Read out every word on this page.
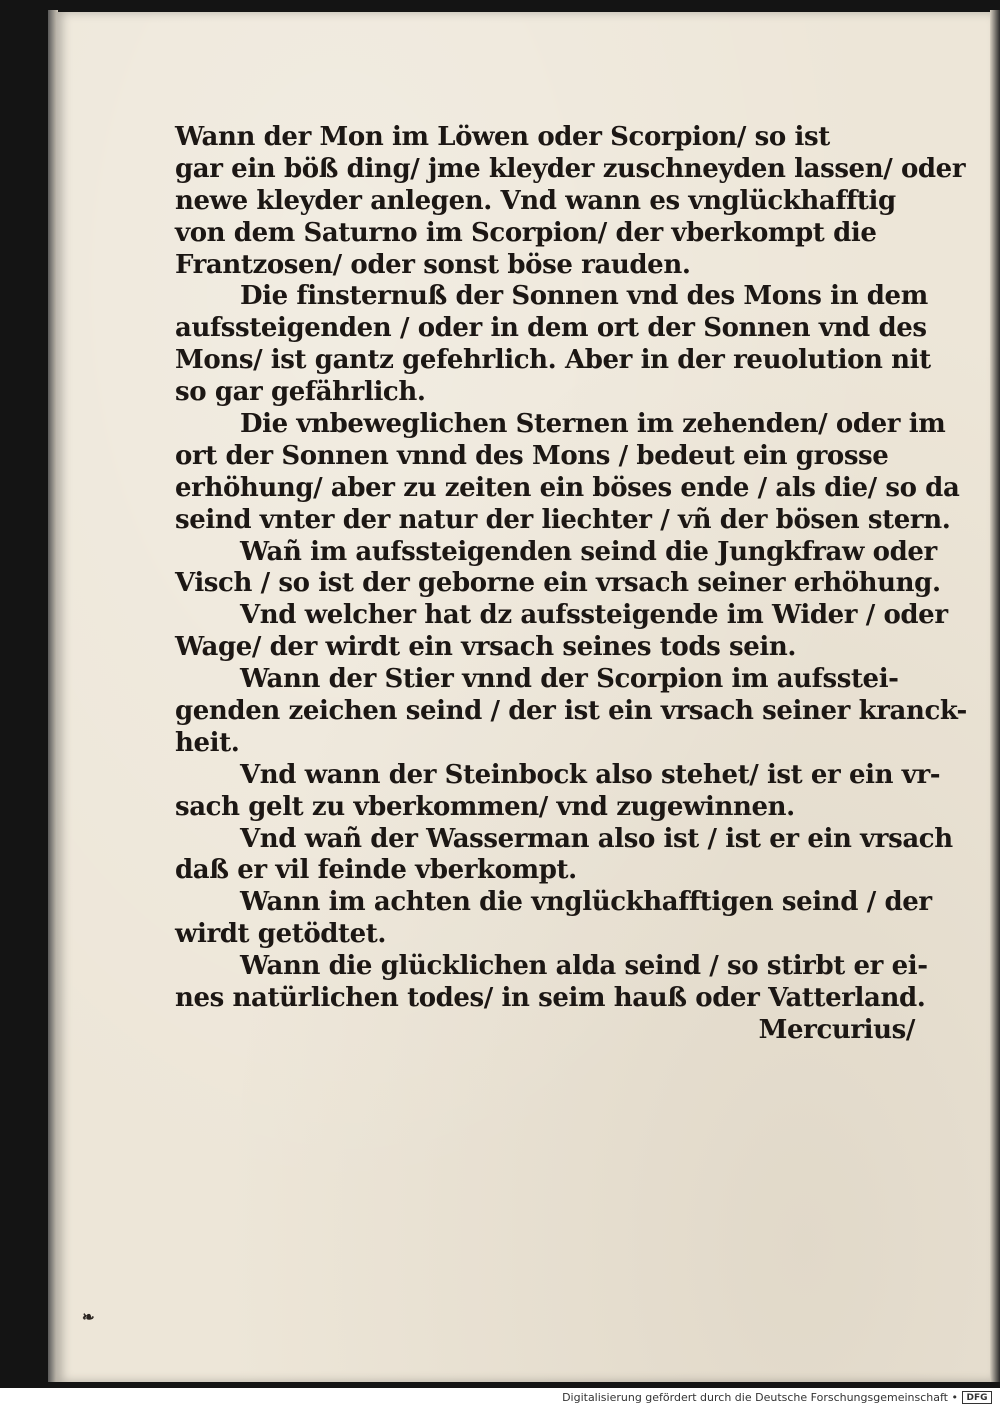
Wann der Mon im Löwen oder Scorpion/ so ist
gar ein böß ding/ jme kleyder zuschneyden lassen/ oder
newe kleyder anlegen. Vnd wann es vnglückhafftig
von dem Saturno im Scorpion/ der vberkompt die
Frantzosen/ oder sonst böse rauden.
Die finsternuß der Sonnen vnd des Mons in dem
aufssteigenden / oder in dem ort der Sonnen vnd des
Mons/ ist gantz gefehrlich. Aber in der reuolution nit
so gar gefährlich.
Die vnbeweglichen Sternen im zehenden/ oder im
ort der Sonnen vnnd des Mons / bedeut ein grosse
erhöhung/ aber zu zeiten ein böses ende / als die/ so da
seind vnter der natur der liechter / vñ der bösen stern.
Wañ im aufssteigenden seind die Jungkfraw oder
Visch / so ist der geborne ein vrsach seiner erhöhung.
Vnd welcher hat dz aufssteigende im Wider / oder
Wage/ der wirdt ein vrsach seines tods sein.
Wann der Stier vnnd der Scorpion im aufsstei-
genden zeichen seind / der ist ein vrsach seiner kranck-
heit.
Vnd wann der Steinbock also stehet/ ist er ein vr-
sach gelt zu vberkommen/ vnd zugewinnen.
Vnd wañ der Wasserman also ist / ist er ein vrsach
daß er vil feinde vberkompt.
Wann im achten die vnglückhafftigen seind / der
wirdt getödtet.
Wann die glücklichen alda seind / so stirbt er ei-
nes natürlichen todes/ in seim hauß oder Vatterland.
Mercurius/
❧
Digitalisierung gefördert durch die Deutsche Forschungsgemeinschaft • DFG
